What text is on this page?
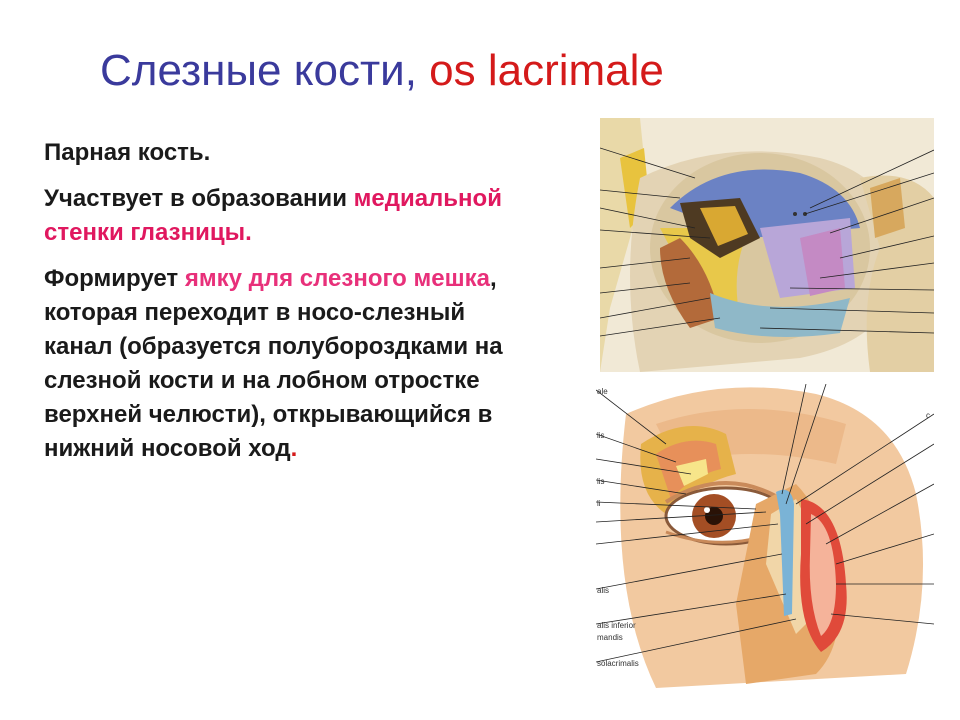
Слезные кости, os lacrimale

Парная кость.

Участвует в образовании медиальной стенки глазницы.

Формирует ямку для слезного мешка, которая переходит в носо-слезный канал (образуется полубороздками на слезной кости и на лобном отростке верхней челюсти), открывающийся в нижний носовой ход.

ale
lis
lis
li
alis
alis inferior
mandis
solacrimalis
c
